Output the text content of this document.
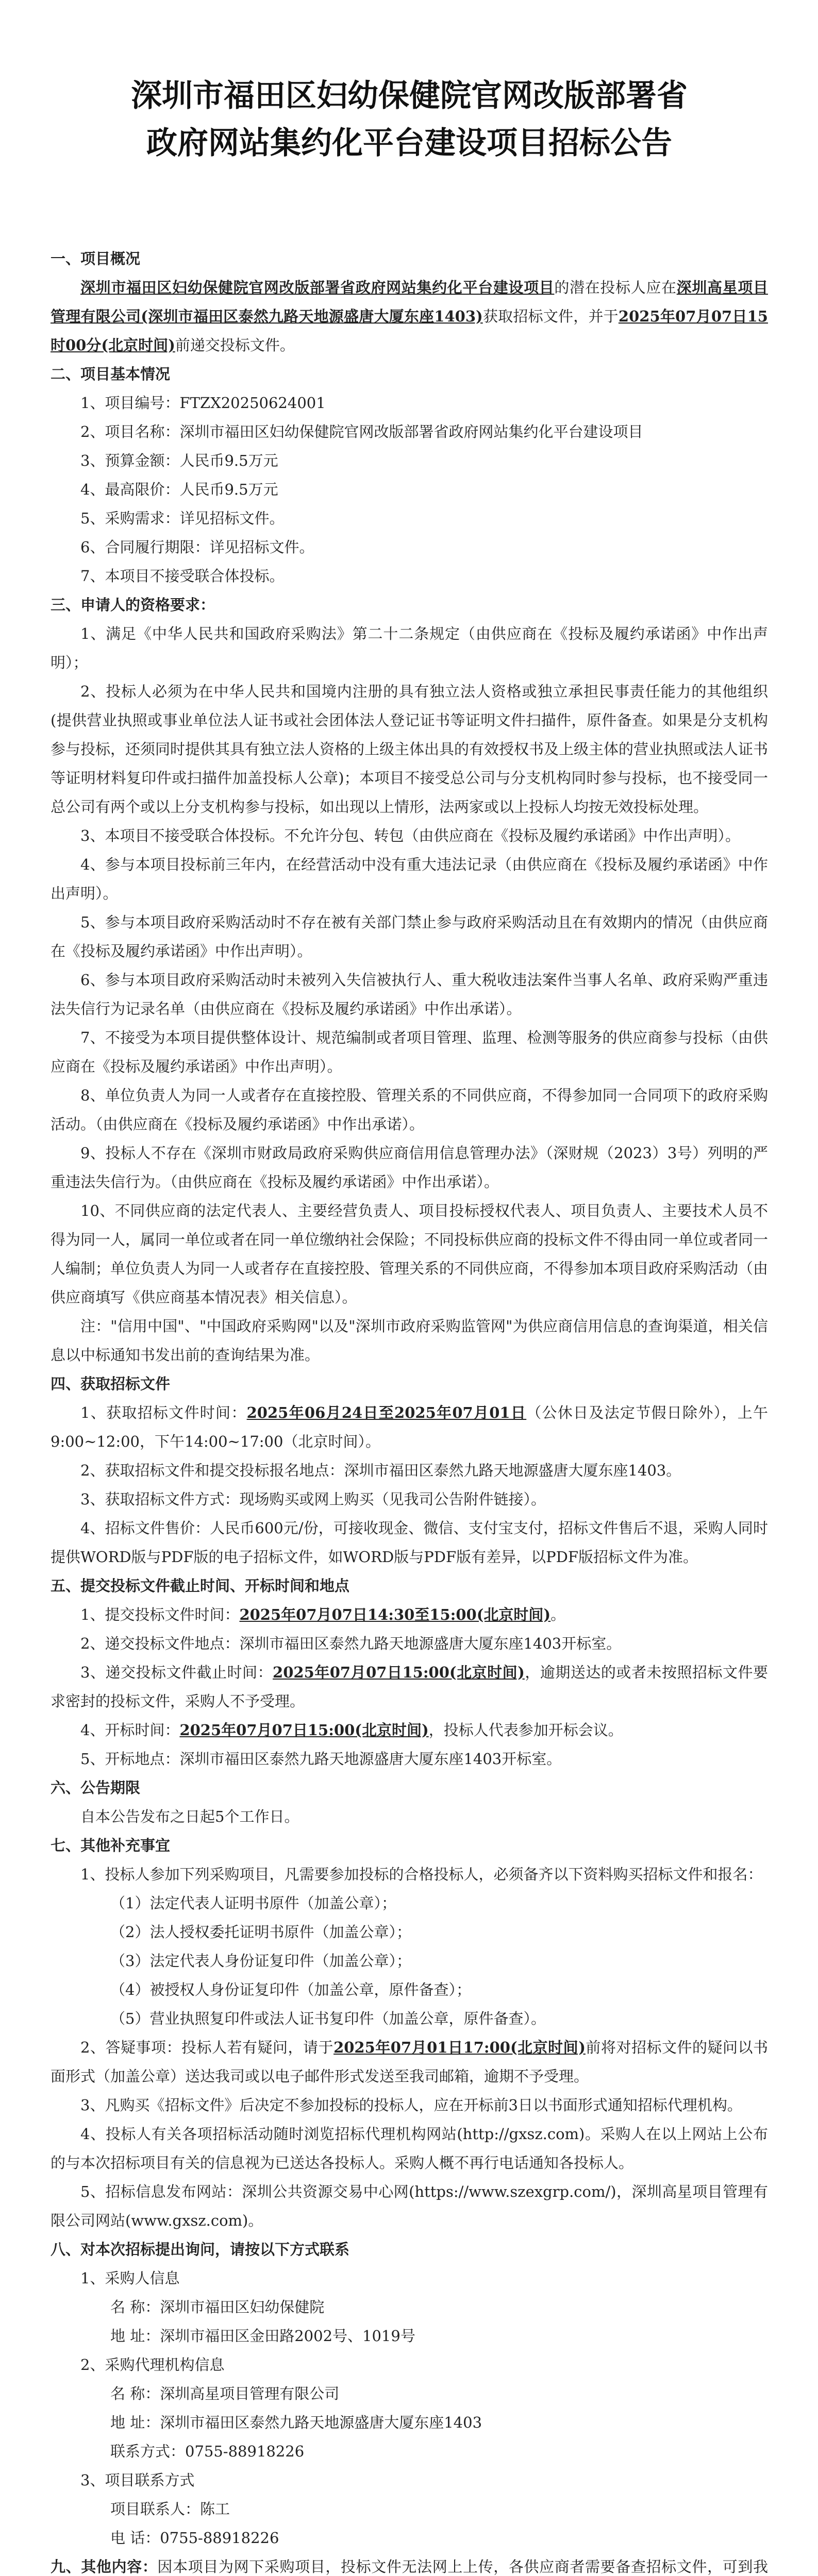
深圳市福田区妇幼保健院官网改版部署省
政府网站集约化平台建设项目招标公告

一、项目概况

深圳市福田区妇幼保健院官网改版部署省政府网站集约化平台建设项目的潜在投标人应在深圳高星项目管理有限公司(深圳市福田区泰然九路天地源盛唐大厦东座1403)获取招标文件，并于2025年07月07日15时00分(北京时间)前递交投标文件。

二、项目基本情况

1、项目编号：FTZX20250624001

2、项目名称：深圳市福田区妇幼保健院官网改版部署省政府网站集约化平台建设项目

3、预算金额：人民币9.5万元

4、最高限价：人民币9.5万元

5、采购需求：详见招标文件。

6、合同履行期限：详见招标文件。

7、本项目不接受联合体投标。

三、申请人的资格要求：

1、满足《中华人民共和国政府采购法》第二十二条规定（由供应商在《投标及履约承诺函》中作出声明）；

2、投标人必须为在中华人民共和国境内注册的具有独立法人资格或独立承担民事责任能力的其他组织(提供营业执照或事业单位法人证书或社会团体法人登记证书等证明文件扫描件，原件备查。如果是分支机构参与投标，还须同时提供其具有独立法人资格的上级主体出具的有效授权书及上级主体的营业执照或法人证书等证明材料复印件或扫描件加盖投标人公章)；本项目不接受总公司与分支机构同时参与投标，也不接受同一总公司有两个或以上分支机构参与投标，如出现以上情形，法两家或以上投标人均按无效投标处理。

3、本项目不接受联合体投标。不允许分包、转包（由供应商在《投标及履约承诺函》中作出声明）。

4、参与本项目投标前三年内，在经营活动中没有重大违法记录（由供应商在《投标及履约承诺函》中作出声明）。

5、参与本项目政府采购活动时不存在被有关部门禁止参与政府采购活动且在有效期内的情况（由供应商在《投标及履约承诺函》中作出声明）。

6、参与本项目政府采购活动时未被列入失信被执行人、重大税收违法案件当事人名单、政府采购严重违法失信行为记录名单（由供应商在《投标及履约承诺函》中作出承诺）。

7、不接受为本项目提供整体设计、规范编制或者项目管理、监理、检测等服务的供应商参与投标（由供应商在《投标及履约承诺函》中作出声明）。

8、单位负责人为同一人或者存在直接控股、管理关系的不同供应商，不得参加同一合同项下的政府采购活动。（由供应商在《投标及履约承诺函》中作出承诺）。

9、投标人不存在《深圳市财政局政府采购供应商信用信息管理办法》（深财规（2023）3号）列明的严重违法失信行为。（由供应商在《投标及履约承诺函》中作出承诺）。

10、不同供应商的法定代表人、主要经营负责人、项目投标授权代表人、项目负责人、主要技术人员不得为同一人，属同一单位或者在同一单位缴纳社会保险；不同投标供应商的投标文件不得由同一单位或者同一人编制；单位负责人为同一人或者存在直接控股、管理关系的不同供应商，不得参加本项目政府采购活动（由供应商填写《供应商基本情况表》相关信息）。

注："信用中国"、"中国政府采购网"以及"深圳市政府采购监管网"为供应商信用信息的查询渠道，相关信息以中标通知书发出前的查询结果为准。

四、获取招标文件

1、获取招标文件时间：2025年06月24日至2025年07月01日（公休日及法定节假日除外），上午9:00~12:00，下午14:00~17:00（北京时间）。

2、获取招标文件和提交投标报名地点：深圳市福田区泰然九路天地源盛唐大厦东座1403。

3、获取招标文件方式：现场购买或网上购买（见我司公告附件链接）。

4、招标文件售价：人民币600元/份，可接收现金、微信、支付宝支付，招标文件售后不退，采购人同时提供WORD版与PDF版的电子招标文件，如WORD版与PDF版有差异，以PDF版招标文件为准。

五、提交投标文件截止时间、开标时间和地点

1、提交投标文件时间：2025年07月07日14:30至15:00(北京时间)。

2、递交投标文件地点：深圳市福田区泰然九路天地源盛唐大厦东座1403开标室。

3、递交投标文件截止时间：2025年07月07日15:00(北京时间)，逾期送达的或者未按照招标文件要求密封的投标文件，采购人不予受理。

4、开标时间：2025年07月07日15:00(北京时间)，投标人代表参加开标会议。

5、开标地点：深圳市福田区泰然九路天地源盛唐大厦东座1403开标室。

六、公告期限

自本公告发布之日起5个工作日。

七、其他补充事宜

1、投标人参加下列采购项目，凡需要参加投标的合格投标人，必须备齐以下资料购买招标文件和报名：

（1）法定代表人证明书原件（加盖公章）；

（2）法人授权委托证明书原件（加盖公章）；

（3）法定代表人身份证复印件（加盖公章）；

（4）被授权人身份证复印件（加盖公章，原件备查）；

（5）营业执照复印件或法人证书复印件（加盖公章，原件备查）。

2、答疑事项：投标人若有疑问，请于2025年07月01日17:00(北京时间)前将对招标文件的疑问以书面形式（加盖公章）送达我司或以电子邮件形式发送至我司邮箱，逾期不予受理。

3、凡购买《招标文件》后决定不参加投标的投标人，应在开标前3日以书面形式通知招标代理机构。

4、投标人有关各项招标活动随时浏览招标代理机构网站(http://gxsz.com)。采购人在以上网站上公布的与本次招标项目有关的信息视为已送达各投标人。采购人概不再行电话通知各投标人。

5、招标信息发布网站：深圳公共资源交易中心网(https://www.szexgrp.com/)，深圳高星项目管理有限公司网站(www.gxsz.com)。

八、对本次招标提出询问，请按以下方式联系

1、采购人信息

名 称：深圳市福田区妇幼保健院

地 址：深圳市福田区金田路2002号、1019号

2、采购代理机构信息

名 称：深圳高星项目管理有限公司

地 址：深圳市福田区泰然九路天地源盛唐大厦东座1403

联系方式：0755-88918226

3、项目联系方式

项目联系人：陈工

电 话：0755-88918226

九、其他内容：因本项目为网下采购项目，投标文件无法网上上传，各供应商者需要备查招标文件，可到我
